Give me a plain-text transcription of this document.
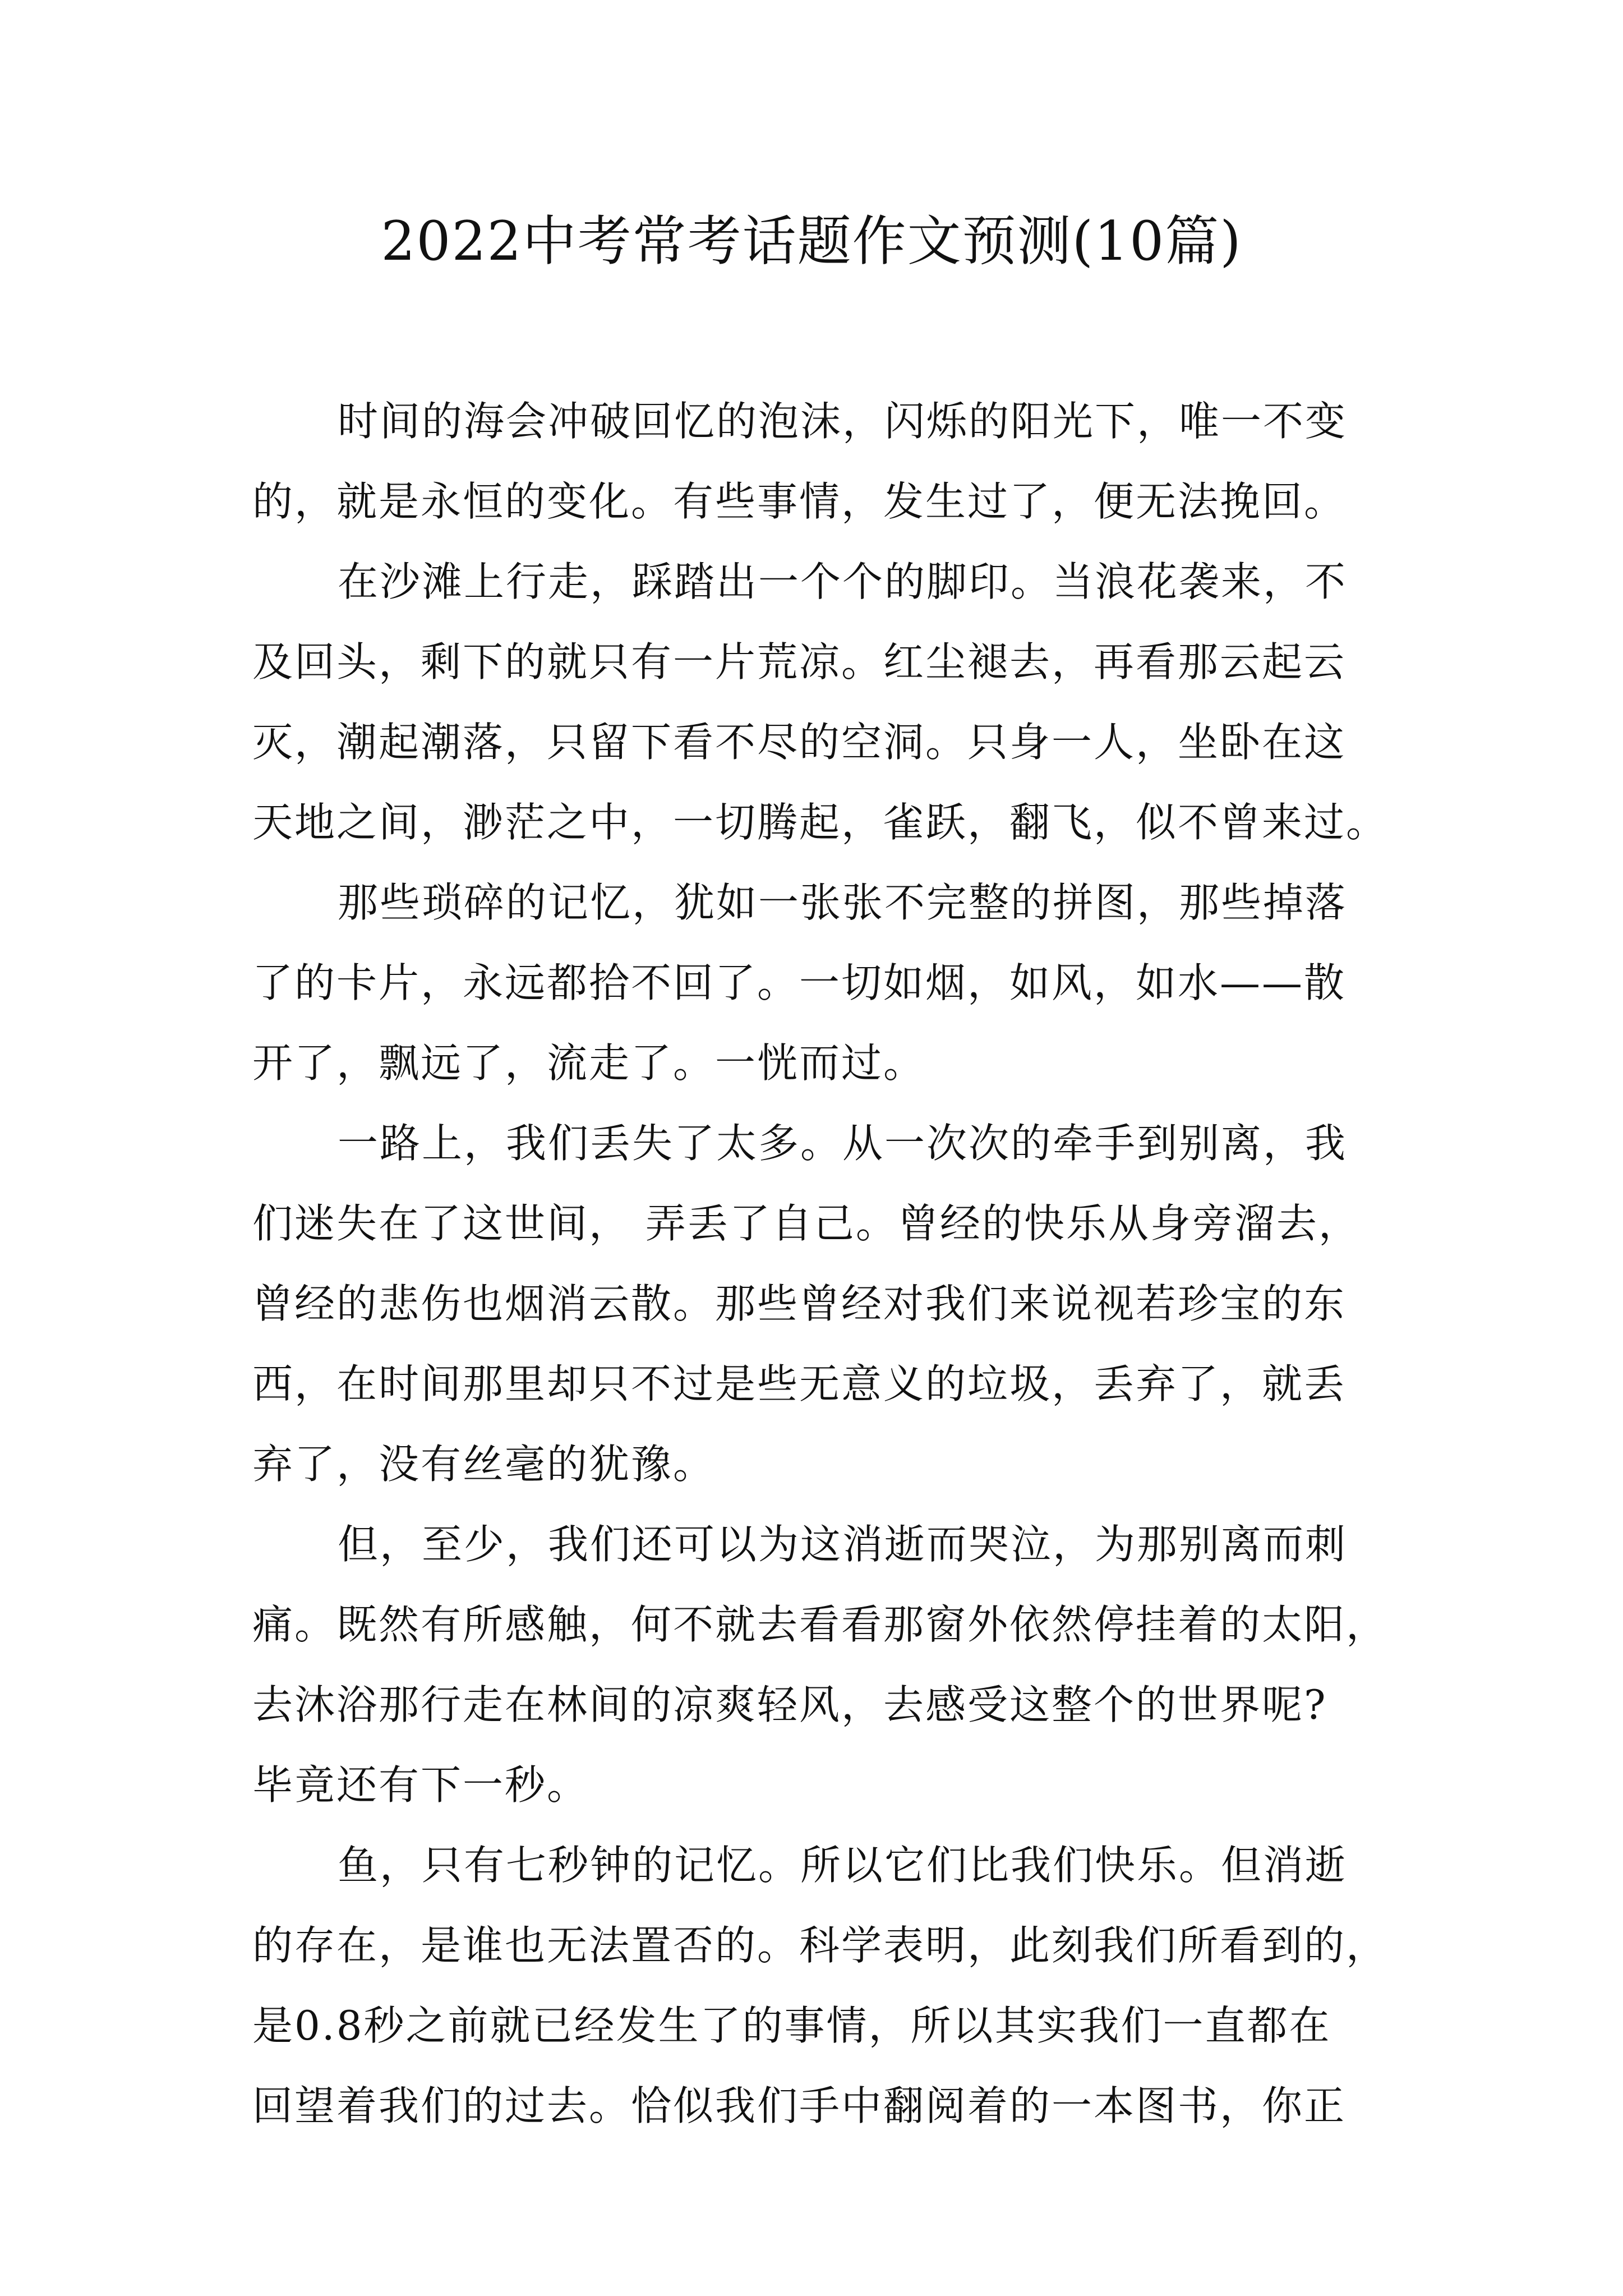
2022中考常考话题作文预测(10篇)
时间的海会冲破回忆的泡沫，闪烁的阳光下，唯一不变
的，就是永恒的变化。有些事情，发生过了，便无法挽回。
在沙滩上行走，踩踏出一个个的脚印。当浪花袭来，不
及回头，剩下的就只有一片荒凉。红尘褪去，再看那云起云
灭，潮起潮落，只留下看不尽的空洞。只身一人，坐卧在这
天地之间，渺茫之中，一切腾起，雀跃，翻飞，似不曾来过。
那些琐碎的记忆，犹如一张张不完整的拼图，那些掉落
了的卡片，永远都拾不回了。一切如烟，如风，如水——散
开了，飘远了，流走了。一恍而过。
一路上，我们丢失了太多。从一次次的牵手到别离，我
们迷失在了这世间， 弄丢了自己。曾经的快乐从身旁溜去，
曾经的悲伤也烟消云散。那些曾经对我们来说视若珍宝的东
西，在时间那里却只不过是些无意义的垃圾，丢弃了，就丢
弃了，没有丝毫的犹豫。
但，至少，我们还可以为这消逝而哭泣，为那别离而刺
痛。既然有所感触，何不就去看看那窗外依然停挂着的太阳，
去沐浴那行走在林间的凉爽轻风，去感受这整个的世界呢?
毕竟还有下一秒。
鱼，只有七秒钟的记忆。所以它们比我们快乐。但消逝
的存在，是谁也无法置否的。科学表明，此刻我们所看到的，
是0.8秒之前就已经发生了的事情，所以其实我们一直都在
回望着我们的过去。恰似我们手中翻阅着的一本图书，你正
